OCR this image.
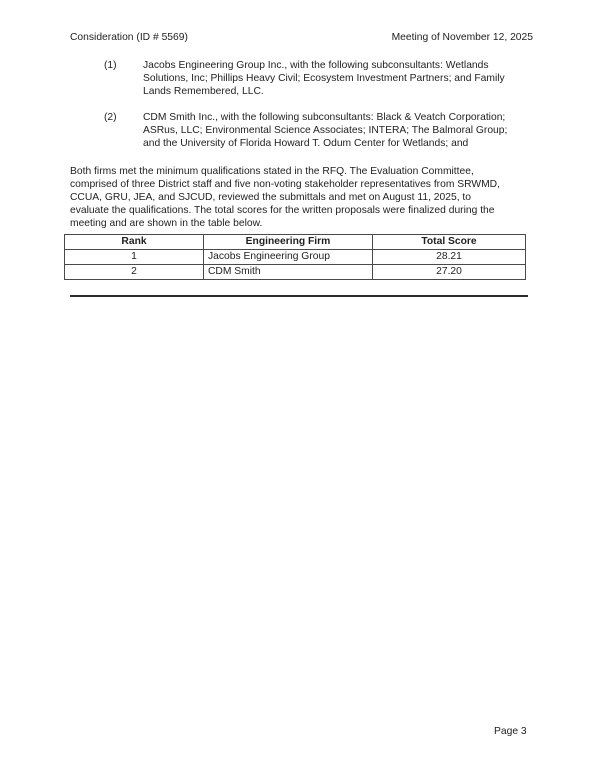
Consideration (ID # 5569)	Meeting of November 12, 2025
(1)	Jacobs Engineering Group Inc., with the following subconsultants: Wetlands
Solutions, Inc; Phillips Heavy Civil; Ecosystem Investment Partners; and Family
Lands Remembered, LLC.
(2)	CDM Smith Inc., with the following subconsultants: Black & Veatch Corporation;
ASRus, LLC; Environmental Science Associates; INTERA; The Balmoral Group;
and the University of Florida Howard T. Odum Center for Wetlands; and
Both firms met the minimum qualifications stated in the RFQ. The Evaluation Committee,
comprised of three District staff and five non-voting stakeholder representatives from SRWMD,
CCUA, GRU, JEA, and SJCUD, reviewed the submittals and met on August 11, 2025, to
evaluate the qualifications. The total scores for the written proposals were finalized during the
meeting and are shown in the table below.
Rank	Engineering Firm	Total Score
1	Jacobs Engineering Group	28.21
2	CDM Smith	27.20
Page 3
